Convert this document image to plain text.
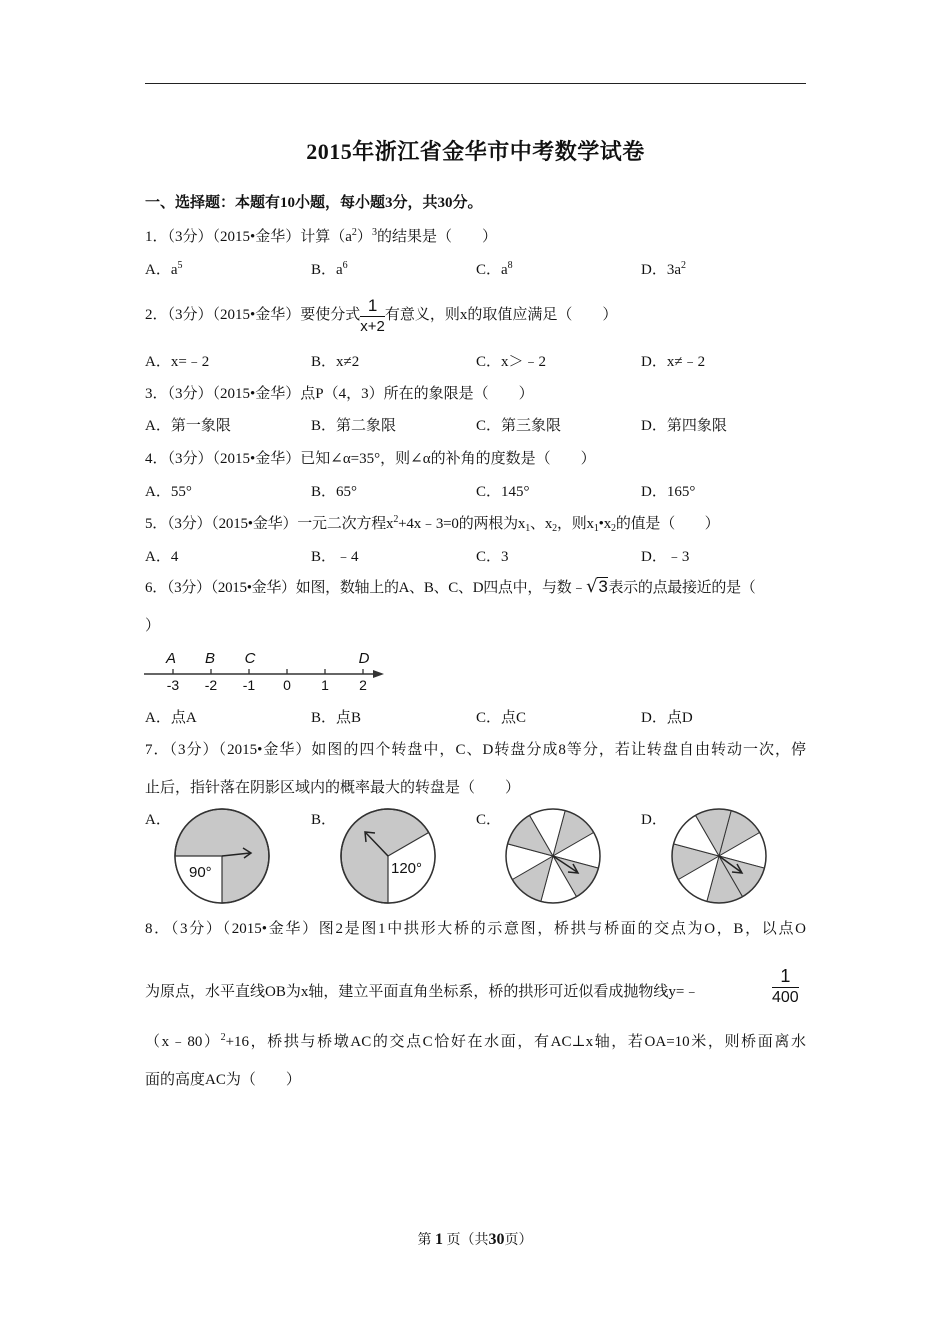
2015年浙江省金华市中考数学试卷
一、选择题：本题有10小题，每小题3分，共30分。
1．（3分）（2015•金华）计算$(a^2)^3$的结果是（　　）
A．$a^5$	B．$a^6$	C．$a^8$	D．$3a^2$
2．（3分）（2015•金华）要使分式 $\frac{1}{x+2}$ 有意义，则x的取值应满足（　　）
A．x=﹣2	B．x≠2	C．x＞﹣2	D．x≠﹣2
3．（3分）（2015•金华）点P（4，3）所在的象限是（　　）
A．第一象限	B．第二象限	C．第三象限	D．第四象限
4．（3分）（2015•金华）已知∠α=35°，则∠α的补角的度数是（　　）
A．55°	B．65°	C．145°	D．165°
5．（3分）（2015•金华）一元二次方程$x^2+4x﹣3=0$的两根为$x_1$、$x_2$，则$x_1•x_2$的值是（　　）
A．4	B．﹣4	C．3	D．﹣3
6．（3分）（2015•金华）如图，数轴上的A、B、C、D四点中，与数﹣√3表示的点最接近的是（
）
-3 -2 -1 0 1 2
A B C	D
A．点A	B．点B	C．点C	D．点D
7．（3分）（2015•金华）如图的四个转盘中，C、D转盘分成8等分，若让转盘自由转动一次，停
止后，指针落在阴影区域内的概率最大的转盘是（　　）
A．	B．	C．	D．
90°	120°
8．（3分）（2015•金华）图2是图1中拱形大桥的示意图，桥拱与桥面的交点为O，B，以点O
为原点，水平直线OB为x轴，建立平面直角坐标系，桥的拱形可近似看成抛物线y=﹣	$\frac{1}{400}$
（x﹣80）$^2$+16，桥拱与桥墩AC的交点C恰好在水面，有AC⊥x轴，若OA=10米，则桥面离水
面的高度AC为（　　）
第 1 页（共30页）
